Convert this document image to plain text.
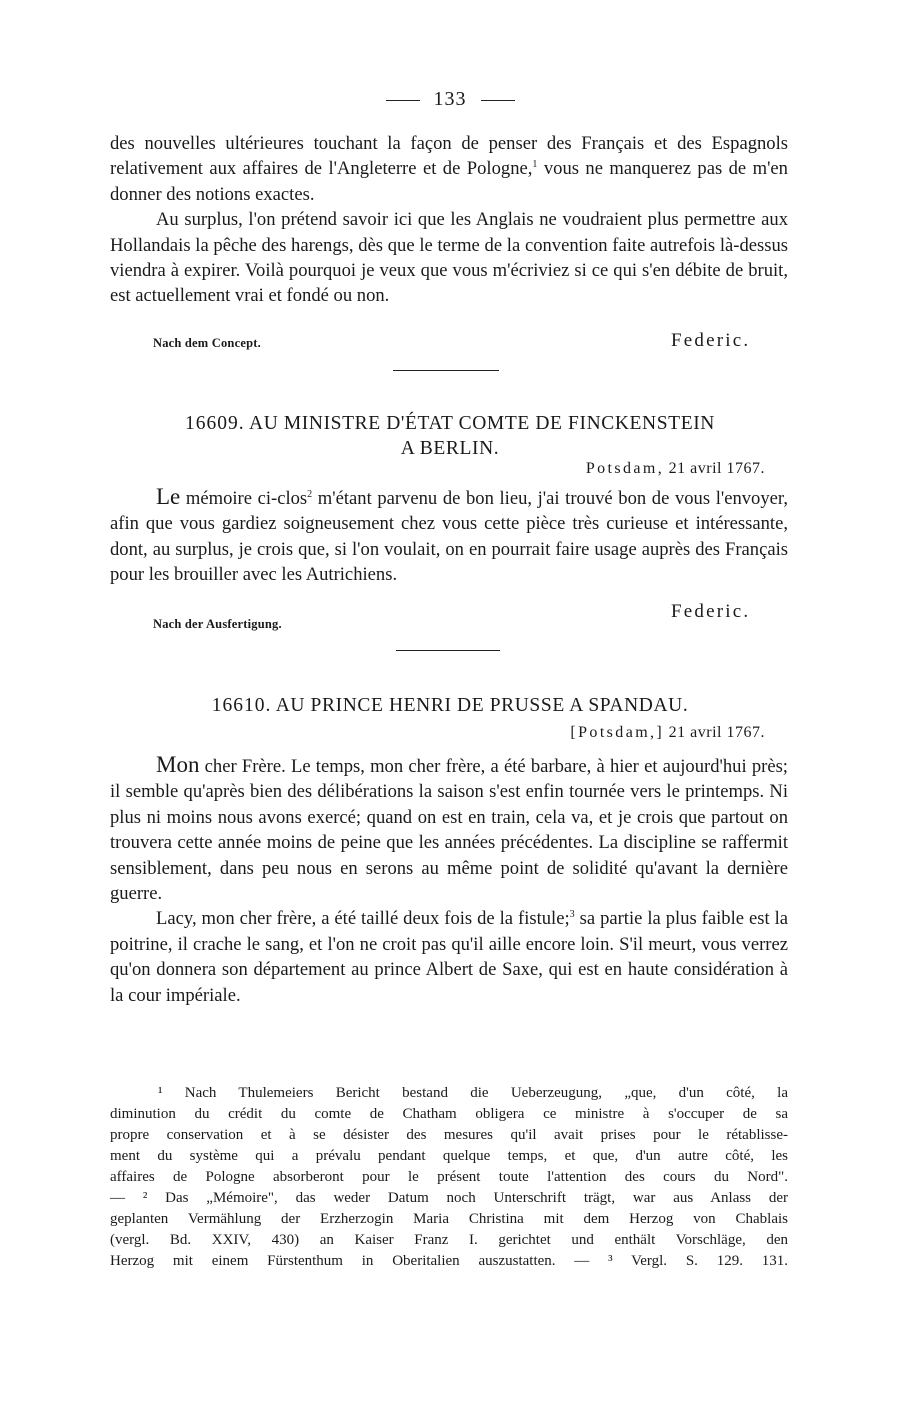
133

des nouvelles ultérieures touchant la façon de penser des Français et des Espagnols relativement aux affaires de l'Angleterre et de Pologne,$^1$ vous ne manquerez pas de m'en donner des notions exactes.

Au surplus, l'on prétend savoir ici que les Anglais ne voudraient plus permettre aux Hollandais la pêche des harengs, dès que le terme de la convention faite autrefois là-dessus viendra à expirer. Voilà pourquoi je veux que vous m'écriviez si ce qui s'en débite de bruit, est actuellement vrai et fondé ou non.

Nach dem Concept.	Federic.
16609. AU MINISTRE D'ÉTAT COMTE DE FINCKENSTEIN
A BERLIN.
Potsdam, 21 avril 1767.

Le mémoire ci-clos$^2$ m'étant parvenu de bon lieu, j'ai trouvé bon de vous l'envoyer, afin que vous gardiez soigneusement chez vous cette pièce très curieuse et intéressante, dont, au surplus, je crois que, si l'on voulait, on en pourrait faire usage auprès des Français pour les brouiller avec les Autrichiens.

Nach der Ausfertigung.
Federic.
16610. AU PRINCE HENRI DE PRUSSE A SPANDAU.
[Potsdam,] 21 avril 1767.

Mon cher Frère. Le temps, mon cher frère, a été barbare, à hier et aujourd'hui près; il semble qu'après bien des délibérations la saison s'est enfin tournée vers le printemps. Ni plus ni moins nous avons exercé; quand on est en train, cela va, et je crois que partout on trouvera cette année moins de peine que les années précédentes. La discipline se raffermit sensiblement, dans peu nous en serons au même point de solidité qu'avant la dernière guerre.

Lacy, mon cher frère, a été taillé deux fois de la fistule;$^3$ sa partie la plus faible est la poitrine, il crache le sang, et l'on ne croit pas qu'il aille encore loin. S'il meurt, vous verrez qu'on donnera son département au prince Albert de Saxe, qui est en haute considération à la cour impériale.

¹ Nach Thulemeiers Bericht bestand die Ueberzeugung, „que, d'un côté, la

diminution du crédit du comte de Chatham obligera ce ministre à s'occuper de sa

propre conservation et à se désister des mesures qu'il avait prises pour le rétablisse-

ment du système qui a prévalu pendant quelque temps, et que, d'un autre côté, les

affaires de Pologne absorberont pour le présent toute l'attention des cours du Nord".

— ² Das „Mémoire", das weder Datum noch Unterschrift trägt, war aus Anlass der

geplanten Vermählung der Erzherzogin Maria Christina mit dem Herzog von Chablais

(vergl. Bd. XXIV, 430) an Kaiser Franz I. gerichtet und enthält Vorschläge, den

Herzog mit einem Fürstenthum in Oberitalien auszustatten. — ³ Vergl. S. 129. 131.
